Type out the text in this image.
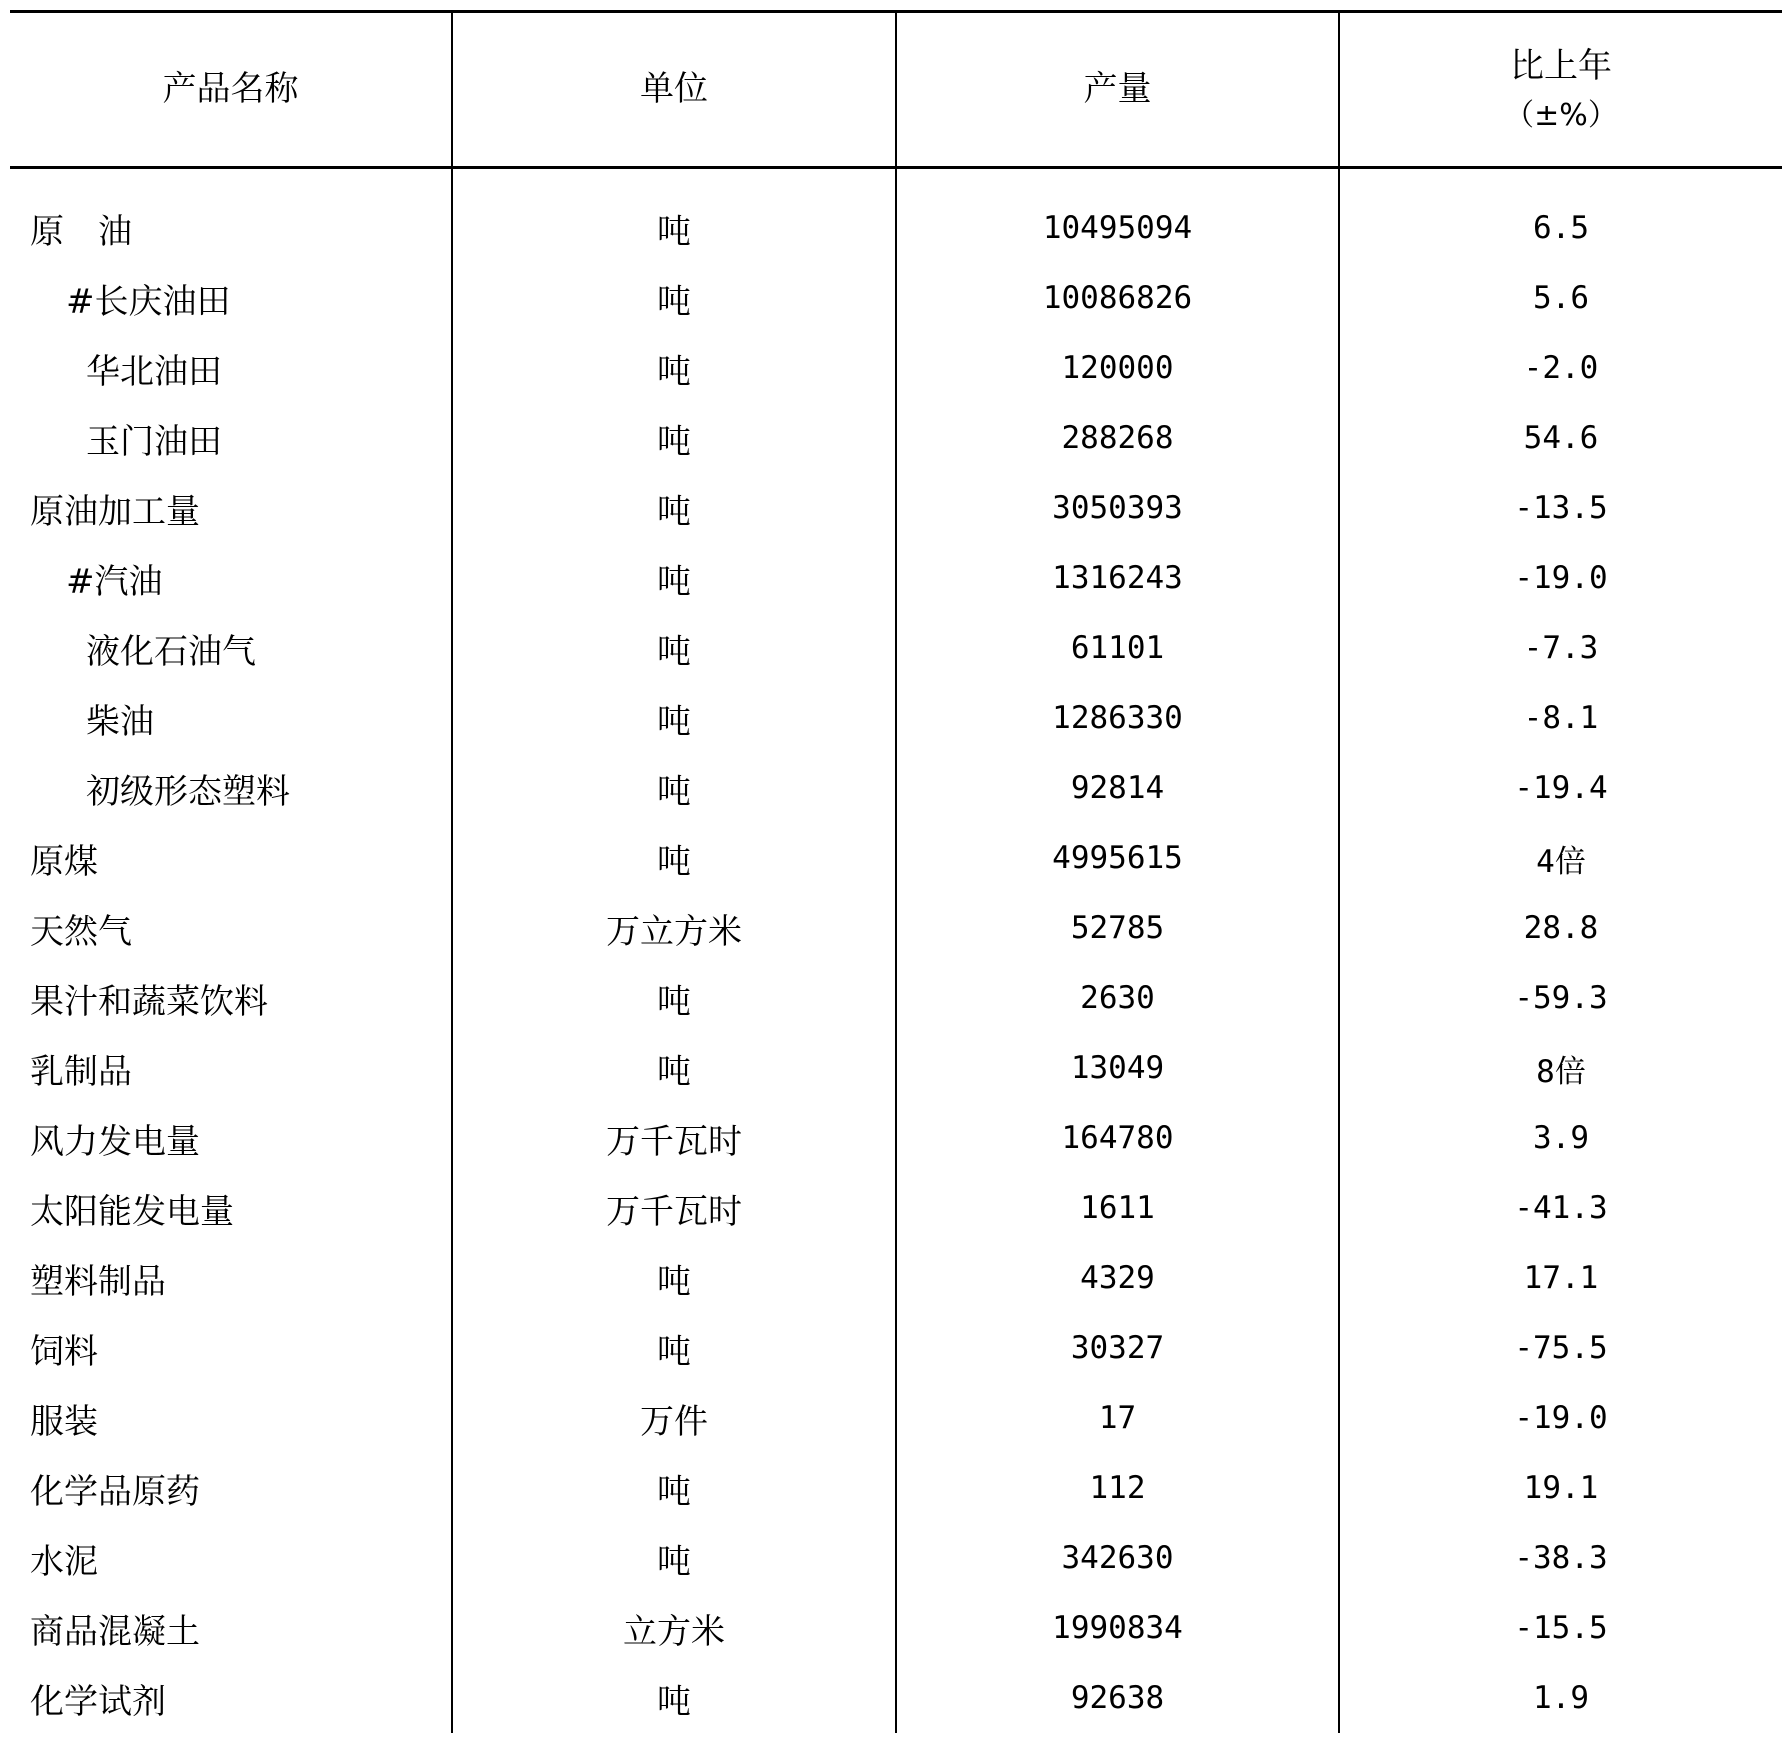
产品名称	单位	产量	比上年
（±%）

原　油	吨	10495094	6.5
#长庆油田	吨	10086826	5.6
华北油田	吨	120000	-2.0
玉门油田	吨	288268	54.6
原油加工量	吨	3050393	-13.5
#汽油	吨	1316243	-19.0
液化石油气	吨	61101	-7.3
柴油	吨	1286330	-8.1
初级形态塑料	吨	92814	-19.4
原煤	吨	4995615	4倍
天然气	万立方米	52785	28.8
果汁和蔬菜饮料	吨	2630	-59.3
乳制品	吨	13049	8倍
风力发电量	万千瓦时	164780	3.9
太阳能发电量	万千瓦时	1611	-41.3
塑料制品	吨	4329	17.1
饲料	吨	30327	-75.5
服装	万件	17	-19.0
化学品原药	吨	112	19.1
水泥	吨	342630	-38.3
商品混凝土	立方米	1990834	-15.5
化学试剂	吨	92638	1.9
